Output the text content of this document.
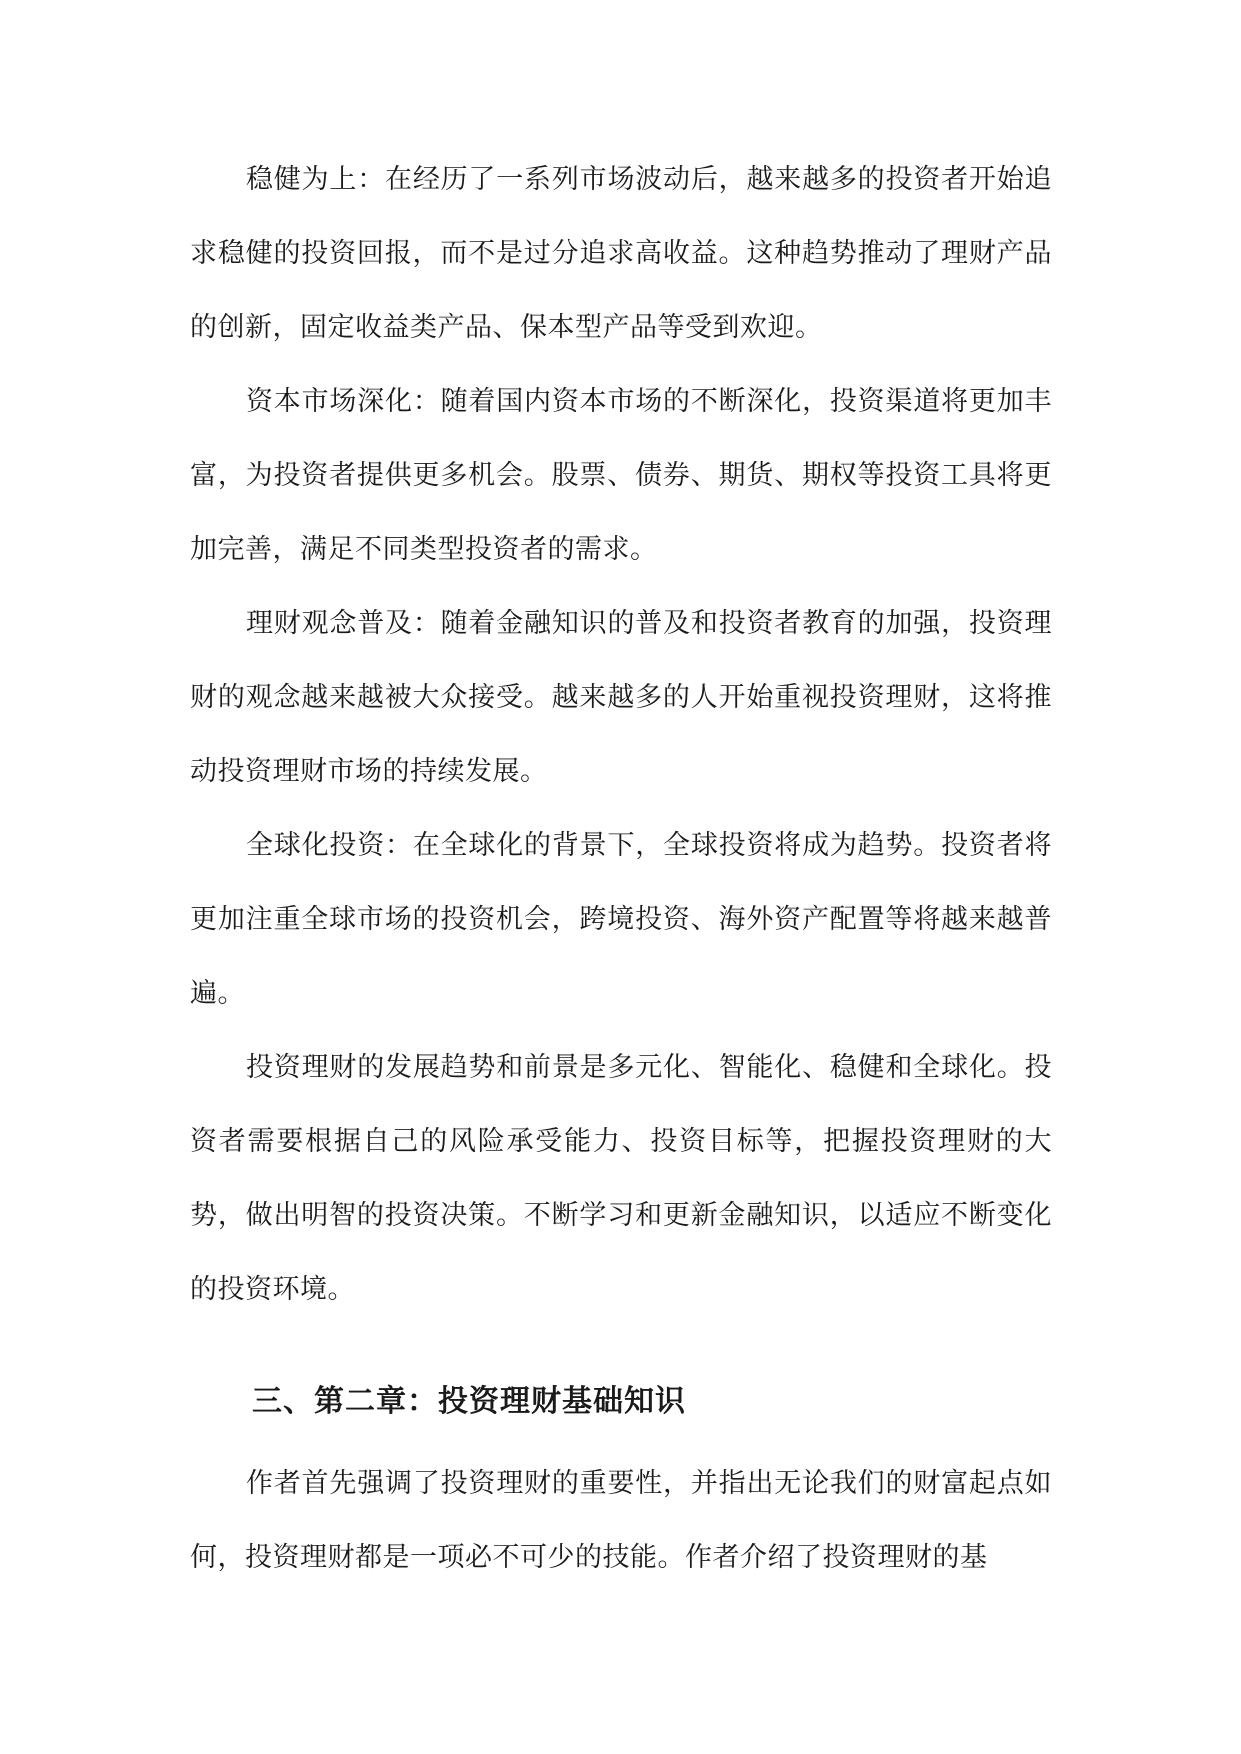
稳健为上：在经历了一系列市场波动后，越来越多的投资者开始追求稳健的投资回报，而不是过分追求高收益。这种趋势推动了理财产品的创新，固定收益类产品、保本型产品等受到欢迎。

资本市场深化：随着国内资本市场的不断深化，投资渠道将更加丰富，为投资者提供更多机会。股票、债券、期货、期权等投资工具将更加完善，满足不同类型投资者的需求。

理财观念普及：随着金融知识的普及和投资者教育的加强，投资理财的观念越来越被大众接受。越来越多的人开始重视投资理财，这将推动投资理财市场的持续发展。

全球化投资：在全球化的背景下，全球投资将成为趋势。投资者将更加注重全球市场的投资机会，跨境投资、海外资产配置等将越来越普遍。

投资理财的发展趋势和前景是多元化、智能化、稳健和全球化。投资者需要根据自己的风险承受能力、投资目标等，把握投资理财的大势，做出明智的投资决策。不断学习和更新金融知识，以适应不断变化的投资环境。

三、第二章：投资理财基础知识

作者首先强调了投资理财的重要性，并指出无论我们的财富起点如何，投资理财都是一项必不可少的技能。作者介绍了投资理财的基
